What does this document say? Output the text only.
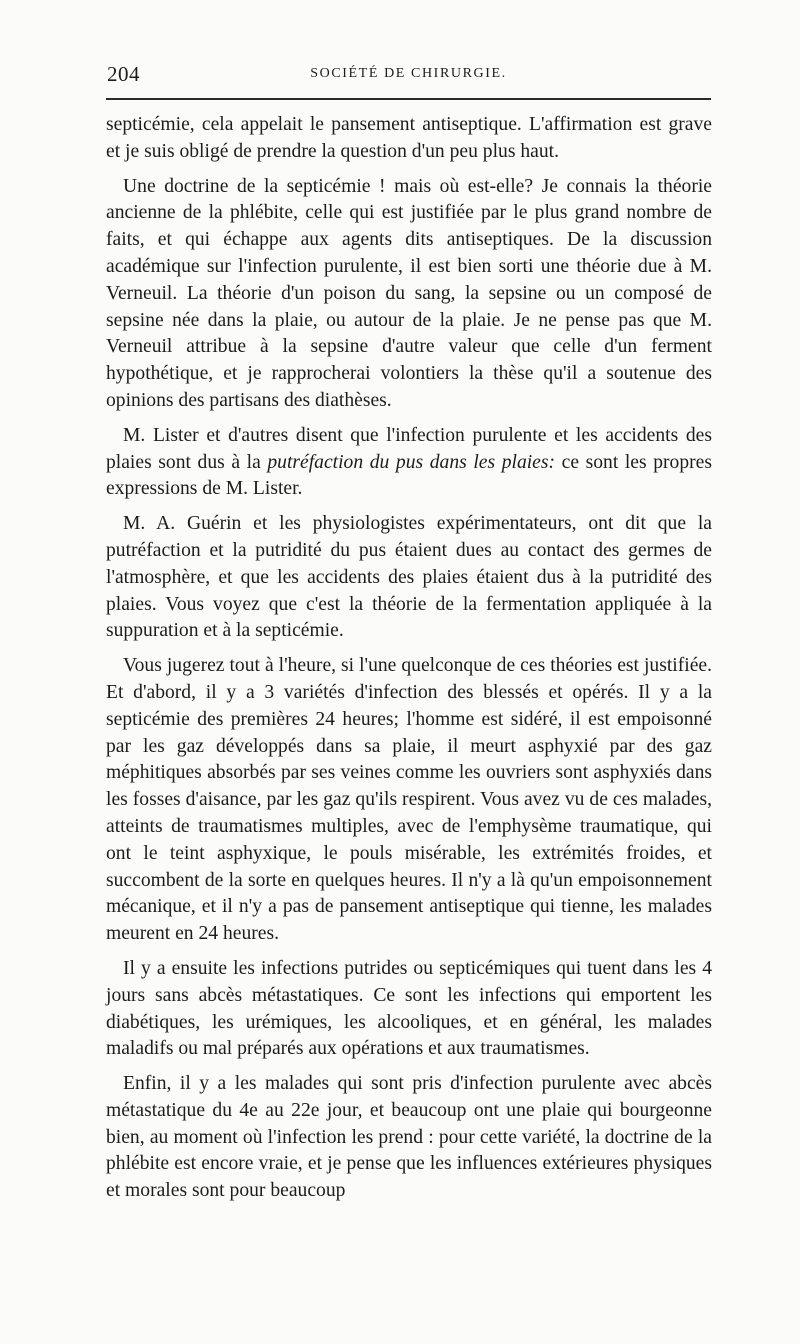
204	SOCIÉTÉ DE CHIRURGIE.

septicémie, cela appelait le pansement antiseptique. L'affirmation est grave et je suis obligé de prendre la question d'un peu plus haut.

Une doctrine de la septicémie ! mais où est-elle? Je connais la théorie ancienne de la phlébite, celle qui est justifiée par le plus grand nombre de faits, et qui échappe aux agents dits antiseptiques. De la discussion académique sur l'infection purulente, il est bien sorti une théorie due à M. Verneuil. La théorie d'un poison du sang, la sepsine ou un composé de sepsine née dans la plaie, ou autour de la plaie. Je ne pense pas que M. Verneuil attribue à la sepsine d'autre valeur que celle d'un ferment hypothétique, et je rapprocherai volontiers la thèse qu'il a soutenue des opinions des partisans des diathèses.

M. Lister et d'autres disent que l'infection purulente et les accidents des plaies sont dus à la putréfaction du pus dans les plaies: ce sont les propres expressions de M. Lister.

M. A. Guérin et les physiologistes expérimentateurs, ont dit que la putréfaction et la putridité du pus étaient dues au contact des germes de l'atmosphère, et que les accidents des plaies étaient dus à la putridité des plaies. Vous voyez que c'est la théorie de la fermentation appliquée à la suppuration et à la septicémie.

Vous jugerez tout à l'heure, si l'une quelconque de ces théories est justifiée. Et d'abord, il y a 3 variétés d'infection des blessés et opérés. Il y a la septicémie des premières 24 heures; l'homme est sidéré, il est empoisonné par les gaz développés dans sa plaie, il meurt asphyxié par des gaz méphitiques absorbés par ses veines comme les ouvriers sont asphyxiés dans les fosses d'aisance, par les gaz qu'ils respirent. Vous avez vu de ces malades, atteints de traumatismes multiples, avec de l'emphysème traumatique, qui ont le teint asphyxique, le pouls misérable, les extrémités froides, et succombent de la sorte en quelques heures. Il n'y a là qu'un empoisonnement mécanique, et il n'y a pas de pansement antiseptique qui tienne, les malades meurent en 24 heures.

Il y a ensuite les infections putrides ou septicémiques qui tuent dans les 4 jours sans abcès métastatiques. Ce sont les infections qui emportent les diabétiques, les urémiques, les alcooliques, et en général, les malades maladifs ou mal préparés aux opérations et aux traumatismes.

Enfin, il y a les malades qui sont pris d'infection purulente avec abcès métastatique du 4e au 22e jour, et beaucoup ont une plaie qui bourgeonne bien, au moment où l'infection les prend : pour cette variété, la doctrine de la phlébite est encore vraie, et je pense que les influences extérieures physiques et morales sont pour beaucoup
